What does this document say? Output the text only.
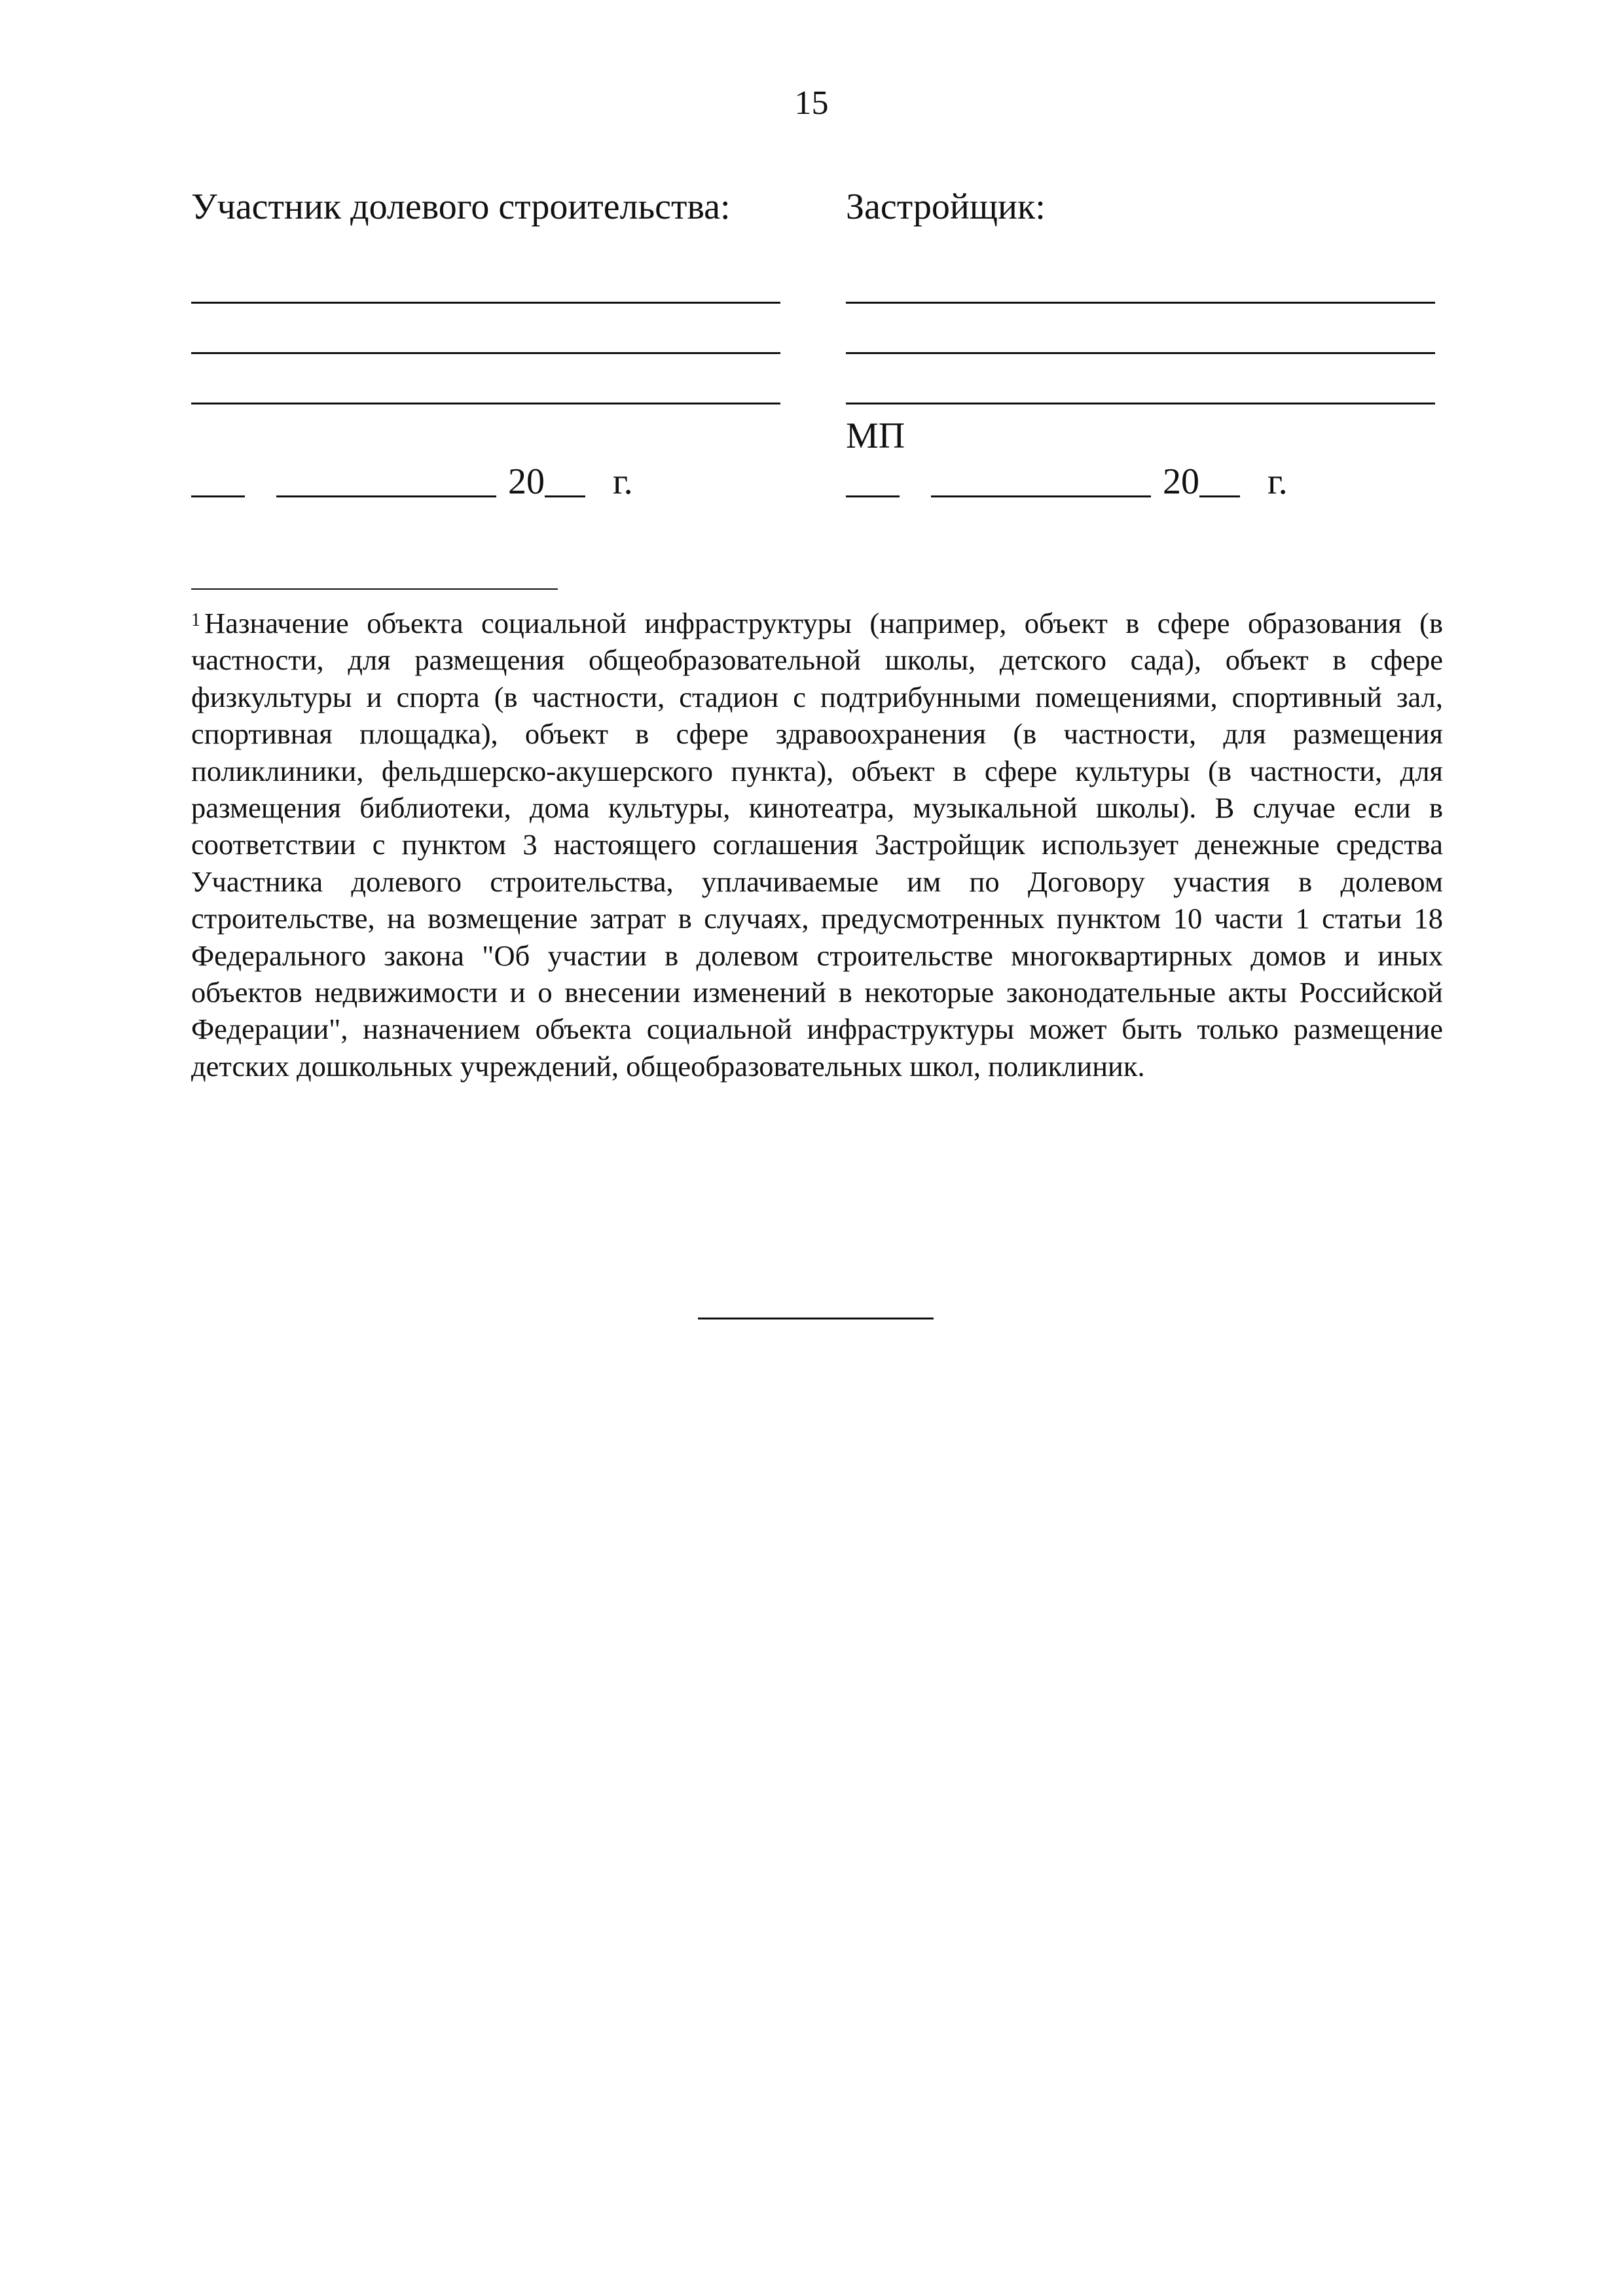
15
Участник долевого строительства:
20 г.
Застройщик:
МП
20 г.
$^1$ Назначение объекта социальной инфраструктуры (например, объект в сфере образования (в частности, для размещения общеобразовательной школы, детского сада), объект в сфере физкультуры и спорта (в частности, стадион с подтрибунными помещениями, спортивный зал, спортивная площадка), объект в сфере здравоохранения (в частности, для размещения поликлиники, фельдшерско-акушерского пункта), объект в сфере культуры (в частности, для размещения библиотеки, дома культуры, кинотеатра, музыкальной школы). В случае если в соответствии с пунктом 3 настоящего соглашения Застройщик использует денежные средства Участника долевого строительства, уплачиваемые им по Договору участия в долевом строительстве, на возмещение затрат в случаях, предусмотренных пунктом 10 части 1 статьи 18 Федерального закона "Об участии в долевом строительстве многоквартирных домов и иных объектов недвижимости и о внесении изменений в некоторые законодательные акты Российской Федерации", назначением объекта социальной инфраструктуры может быть только размещение детских дошкольных учреждений, общеобразовательных школ, поликлиник.
